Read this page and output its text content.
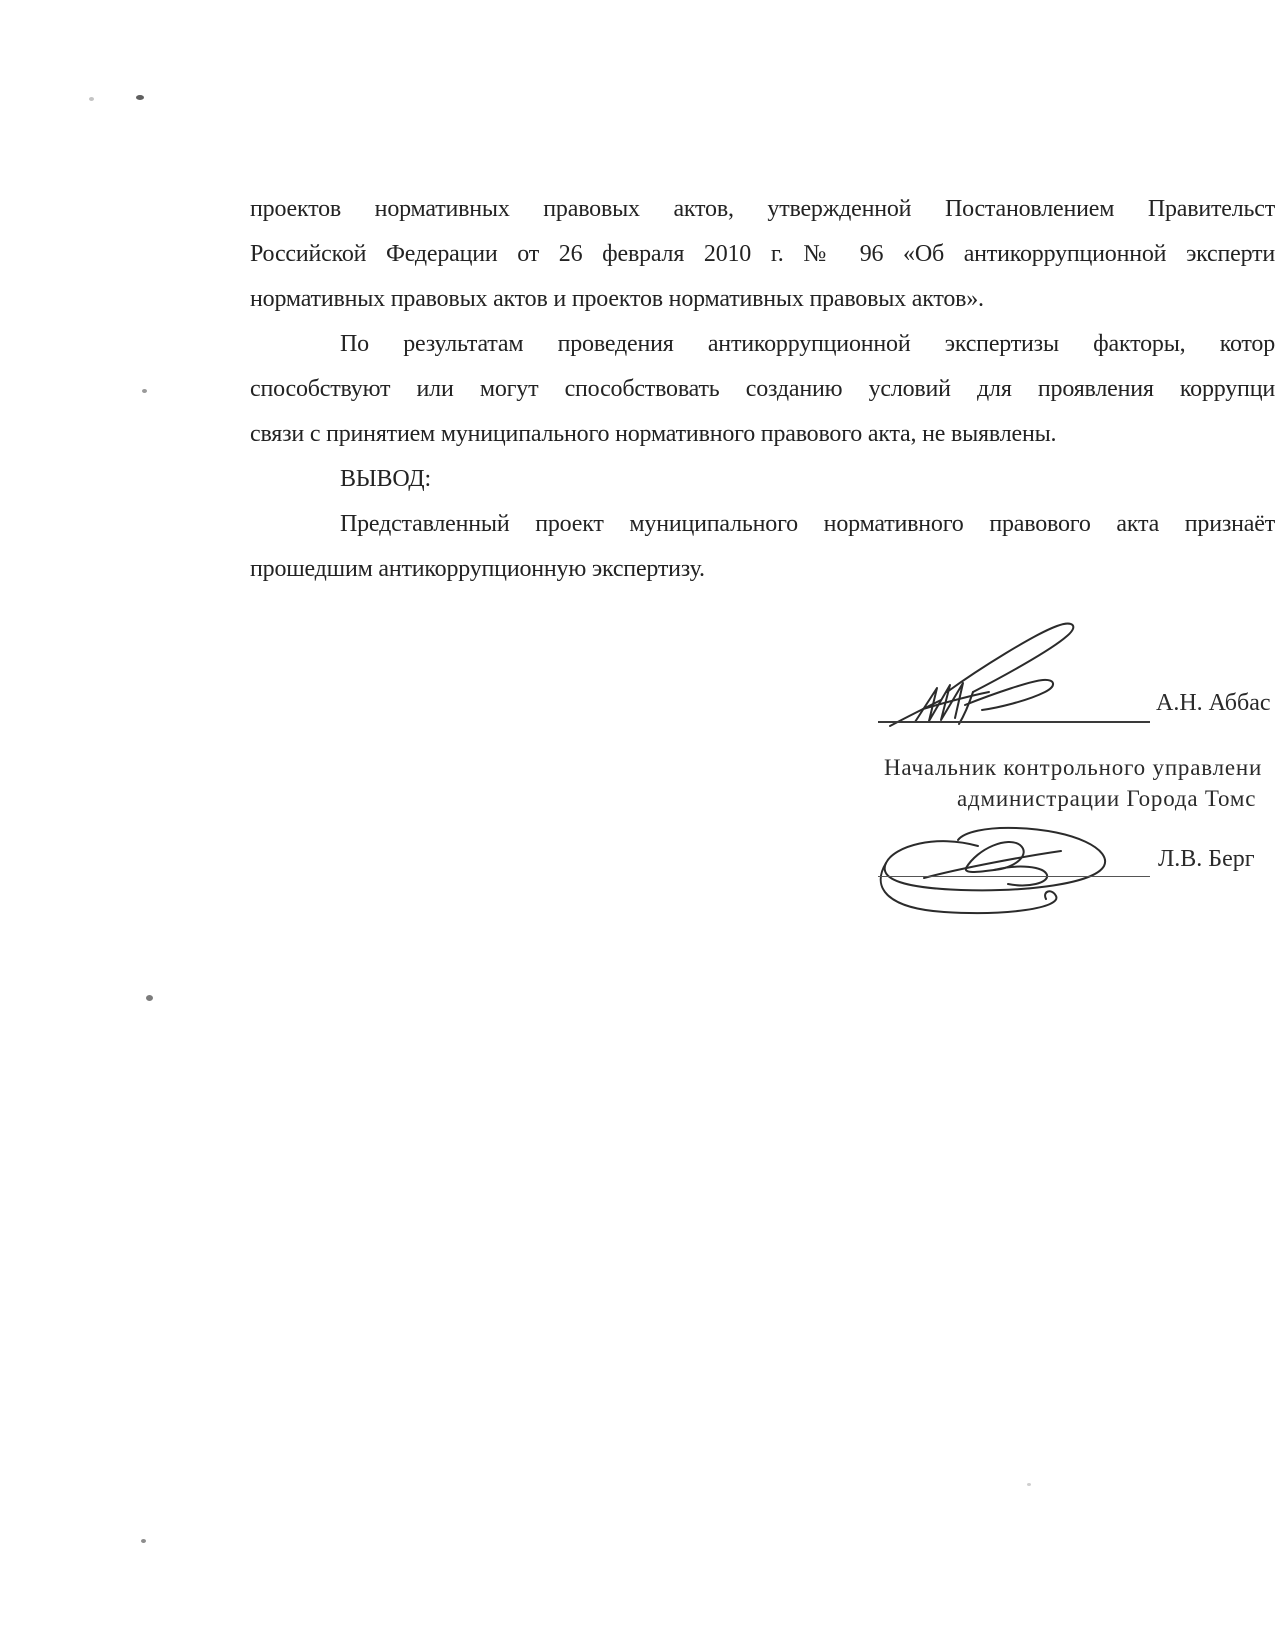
проектов нормативных правовых актов, утвержденной Постановлением Правительст
Российской Федерации от 26 февраля 2010 г. № 96 «Об антикоррупционной эксперти
нормативных правовых актов и проектов нормативных правовых актов».
По результатам проведения антикоррупционной экспертизы факторы, котор
способствуют или могут способствовать созданию условий для проявления коррупци
связи с принятием муниципального нормативного правового акта, не выявлены.
ВЫВОД:
Представленный проект муниципального нормативного правового акта признаёт
прошедшим антикоррупционную экспертизу.
А.Н. Аббас
Начальник контрольного управлени
администрации Города Томс
Л.В. Берг
